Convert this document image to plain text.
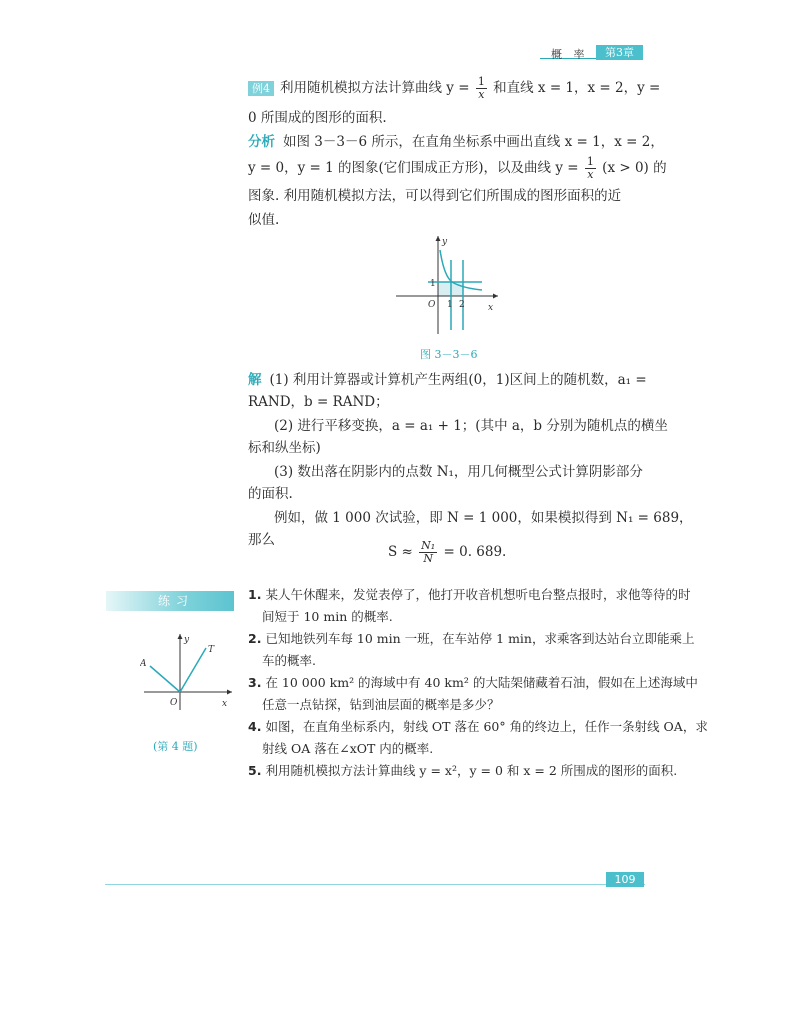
概 率	第3章
例4 利用随机模拟方法计算曲线 $y = \frac{1}{x}$ 和直线 x = 1，x = 2，y =
0 所围成的图形的面积.
分析 如图 3－3－6 所示，在直角坐标系中画出直线 x = 1，x = 2，
y = 0，y = 1 的图象(它们围成正方形)，以及曲线 $y = \frac{1}{x} (x > 0)$ 的
图象. 利用随机模拟方法，可以得到它们所围成的图形面积的近
似值.
y
x
O
1
1 2
图 3－3－6
解 (1) 利用计算器或计算机产生两组(0，1)区间上的随机数，a₁ =
RAND，b = RAND；
(2) 进行平移变换，a = a₁ + 1；(其中 a，b 分别为随机点的横坐
标和纵坐标)
(3) 数出落在阴影内的点数 N₁，用几何概型公式计算阴影部分
的面积.
例如，做 1 000 次试验，即 N = 1 000，如果模拟得到 N₁ = 689，
那么
$S \approx \frac{\text{N₁}}{N} = 0$. 689.
练习	1. 某人午休醒来，发觉表停了，他打开收音机想听电台整点报时，求他等待的时
间短于 10 min 的概率.
2. 已知地铁列车每 10 min 一班，在车站停 1 min，求乘客到达站台立即能乘上
车的概率.
3. 在 10 000 km² 的海域中有 40 km² 的大陆架储藏着石油，假如在上述海域中
任意一点钻探，钻到油层面的概率是多少？
4. 如图，在直角坐标系内，射线 OT 落在 60° 角的终边上，任作一条射线 OA，求
射线 OA 落在∠xOT 内的概率.
5. 利用随机模拟方法计算曲线 y = x²，y = 0 和 x = 2 所围成的图形的面积.
y
x
O
A
T
(第 4 题)
109
